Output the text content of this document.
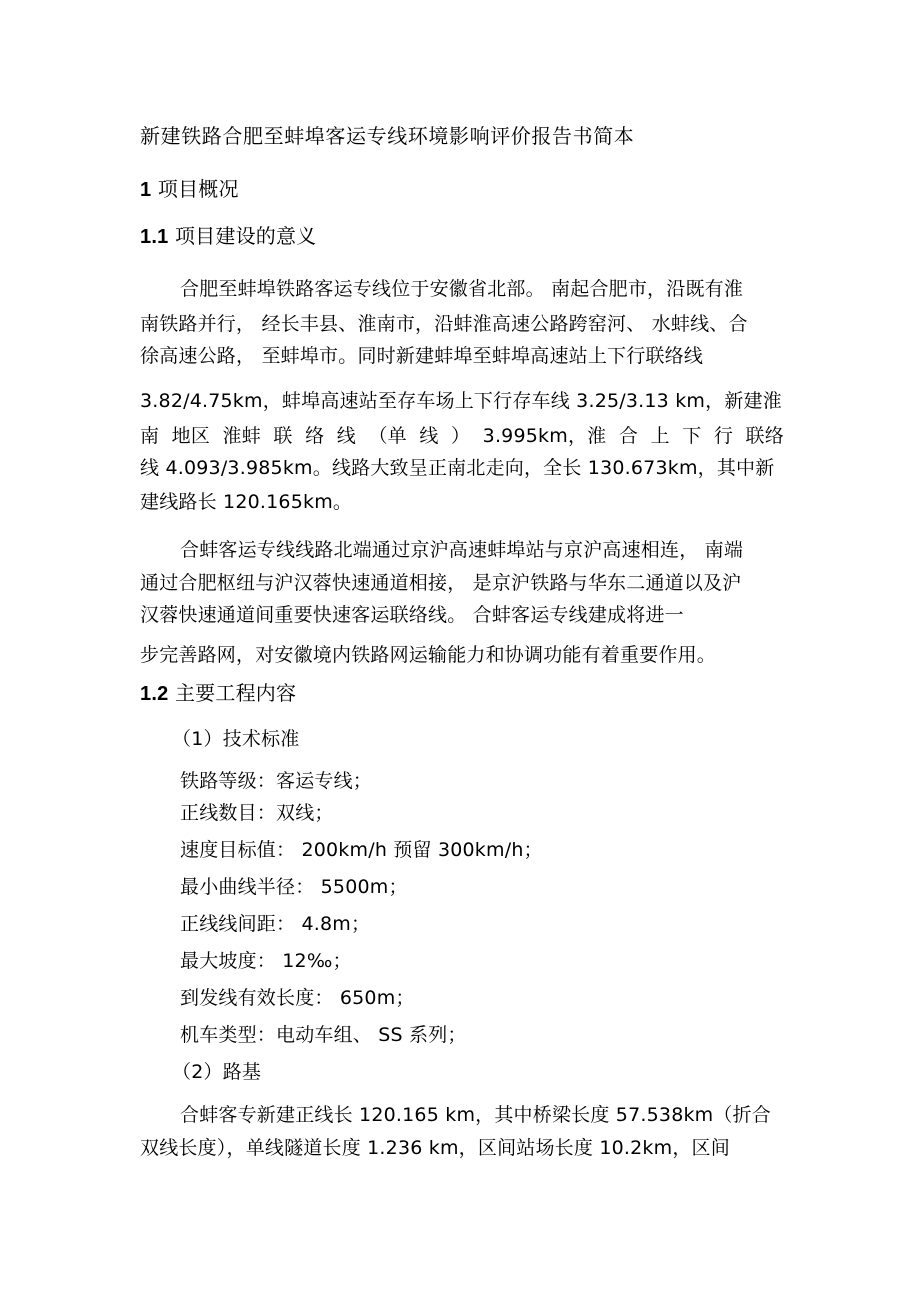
新建铁路合肥至蚌埠客运专线环境影响评价报告书简本
1 项目概况
1.1 项目建设的意义
合肥至蚌埠铁路客运专线位于安徽省北部。 南起合肥市，沿既有淮
南铁路并行， 经长丰县、淮南市，沿蚌淮高速公路跨窑河、 水蚌线、合
徐高速公路， 至蚌埠市。同时新建蚌埠至蚌埠高速站上下行联络线
3.82/4.75km，蚌埠高速站至存车场上下行存车线 3.25/3.13 km，新建淮
南 地区 淮蚌 联 络 线 （单 线 ） 3.995km，淮 合 上 下 行 联络
线 4.093/3.985km。线路大致呈正南北走向，全长 130.673km，其中新
建线路长 120.165km。
合蚌客运专线线路北端通过京沪高速蚌埠站与京沪高速相连， 南端
通过合肥枢纽与沪汉蓉快速通道相接， 是京沪铁路与华东二通道以及沪
汉蓉快速通道间重要快速客运联络线。 合蚌客运专线建成将进一
步完善路网，对安徽境内铁路网运输能力和协调功能有着重要作用。
1.2 主要工程内容
（1）技术标准
铁路等级：客运专线；
正线数目：双线；
速度目标值： 200km/h 预留 300km/h；
最小曲线半径： 5500m；
正线线间距： 4.8m；
最大坡度： 12‰；
到发线有效长度： 650m；
机车类型：电动车组、 SS 系列；
（2）路基
合蚌客专新建正线长 120.165 km，其中桥梁长度 57.538km（折合
双线长度），单线隧道长度 1.236 km，区间站场长度 10.2km，区间
